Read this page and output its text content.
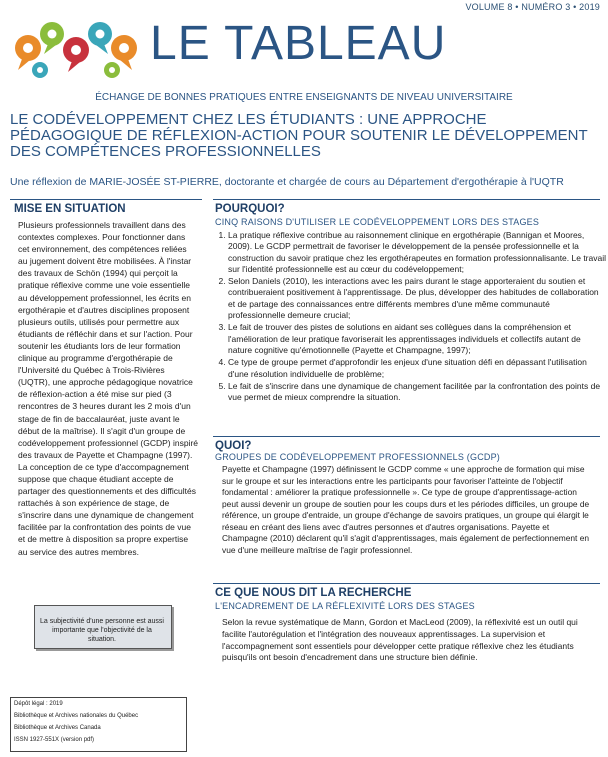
VOLUME 8 • NUMÉRO 3 • 2019
LE TABLEAU
ÉCHANGE DE BONNES PRATIQUES ENTRE ENSEIGNANTS DE NIVEAU UNIVERSITAIRE
LE CODÉVELOPPEMENT CHEZ LES ÉTUDIANTS : UNE APPROCHE PÉDAGOGIQUE DE RÉFLEXION-ACTION POUR SOUTENIR LE DÉVELOPPEMENT DES COMPÉTENCES PROFESSIONNELLES
Une réflexion de MARIE-JOSÉE ST-PIERRE, doctorante et chargée de cours au Département d'ergothérapie à l'UQTR
MISE EN SITUATION
Plusieurs professionnels travaillent dans des contextes complexes. Pour fonctionner dans cet environnement, des compétences reliées au jugement doivent être mobilisées. À l'instar des travaux de Schön (1994) qui perçoit la pratique réflexive comme une voie essentielle au développement professionnel, les écrits en ergothérapie et d'autres disciplines proposent plusieurs outils, utilisés pour permettre aux étudiants de réfléchir dans et sur l'action. Pour soutenir les étudiants lors de leur formation clinique au programme d'ergothérapie de l'Université du Québec à Trois-Rivières (UQTR), une approche pédagogique novatrice de réflexion-action a été mise sur pied (3 rencontres de 3 heures durant les 2 mois d'un stage de fin de baccalauréat, juste avant le début de la maîtrise). Il s'agit d'un groupe de codéveloppement professionnel (GCDP) inspiré des travaux de Payette et Champagne (1997). La conception de ce type d'accompagnement suppose que chaque étudiant accepte de partager des questionnements et des difficultés rattachés à son expérience de stage, de s'inscrire dans une dynamique de changement facilitée par la confrontation des points de vue et de mettre à disposition sa propre expertise au service des autres membres.
La subjectivité d'une personne est aussi importante que l'objectivité de la situation.
Dépôt légal : 2019
Bibliothèque et Archives nationales du Québec
Bibliothèque et Archives Canada
ISSN 1927-551X (version pdf)
POURQUOI?
CINQ RAISONS D'UTILISER LE CODÉVELOPPEMENT LORS DES STAGES
1. La pratique réflexive contribue au raisonnement clinique en ergothérapie (Bannigan et Moores, 2009). Le GCDP permettrait de favoriser le développement de la pensée professionnelle et la construction du savoir pratique chez les ergothérapeutes en formation professionnalisante. Le travail sur l'identité professionnelle est au cœur du codéveloppement;
2. Selon Daniels (2010), les interactions avec les pairs durant le stage apporteraient du soutien et contribueraient positivement à l'apprentissage. De plus, développer des habitudes de collaboration et de partage des connaissances entre différents membres d'une même communauté professionnelle demeure crucial;
3. Le fait de trouver des pistes de solutions en aidant ses collègues dans la compréhension et l'amélioration de leur pratique favoriserait les apprentissages individuels et collectifs autant de nature cognitive qu'émotionnelle (Payette et Champagne, 1997);
4. Ce type de groupe permet d'approfondir les enjeux d'une situation défi en dépassant l'utilisation d'une résolution individuelle de problème;
5. Le fait de s'inscrire dans une dynamique de changement facilitée par la confrontation des points de vue permet de mieux comprendre la situation.
QUOI?
GROUPES DE CODÉVELOPPEMENT PROFESSIONNELS (GCDP)
Payette et Champagne (1997) définissent le GCDP comme « une approche de formation qui mise sur le groupe et sur les interactions entre les participants pour favoriser l'atteinte de l'objectif fondamental : améliorer la pratique professionnelle ». Ce type de groupe d'apprentissage-action peut aussi devenir un groupe de soutien pour les coups durs et les périodes difficiles, un groupe de référence, un groupe d'entraide, un groupe d'échange de savoirs pratiques, un groupe qui élargit le réseau en créant des liens avec d'autres personnes et d'autres organisations. Payette et Champagne (2010) déclarent qu'il s'agit d'apprentissages, mais également de perfectionnement en vue d'une meilleure maîtrise de l'agir professionnel.
CE QUE NOUS DIT LA RECHERCHE
L'ENCADREMENT DE LA RÉFLEXIVITÉ LORS DES STAGES
Selon la revue systématique de Mann, Gordon et MacLeod (2009), la réflexivité est un outil qui facilite l'autorégulation et l'intégration des nouveaux apprentissages. La supervision et l'accompagnement sont essentiels pour développer cette pratique réflexive chez les étudiants puisqu'ils ont besoin d'encadrement dans une structure bien définie.
